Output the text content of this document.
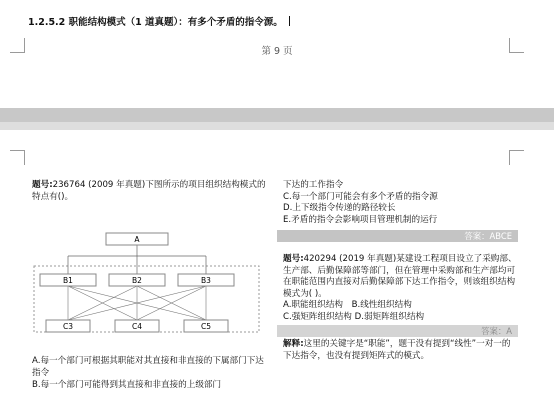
1.2.5.2 职能结构模式（1 道真题）：有多个矛盾的指令源。
第 9 页
题号:236764 (2009 年真题)下图所示的项目组织结构模式的特点有()。
A
B1	B2	B3
C3	C4	C5
A.每一个部门可根据其职能对其直接和非直接的下属部门下达指令
B.每一个部门可能得到其直接和非直接的上级部门
下达的工作指令
C.每一个部门可能会有多个矛盾的指令源
D.上下级指令传递的路径较长
E.矛盾的指令会影响项目管理机制的运行
答案：ABCE
题号:420294 (2019 年真题)某建设工程项目设立了采购部、生产部、后勤保障部等部门，但在管理中采购部和生产部均可在职能范围内直接对后勤保障部下达工作指令，则该组织结构模式为( )。
A.职能组织结构　B.线性组织结构
C.强矩阵组织结构 D.弱矩阵组织结构
答案：A
解释:这里的关键字是“职能”，题干没有提到“线性”一对一的下达指令，也没有提到矩阵式的模式。
